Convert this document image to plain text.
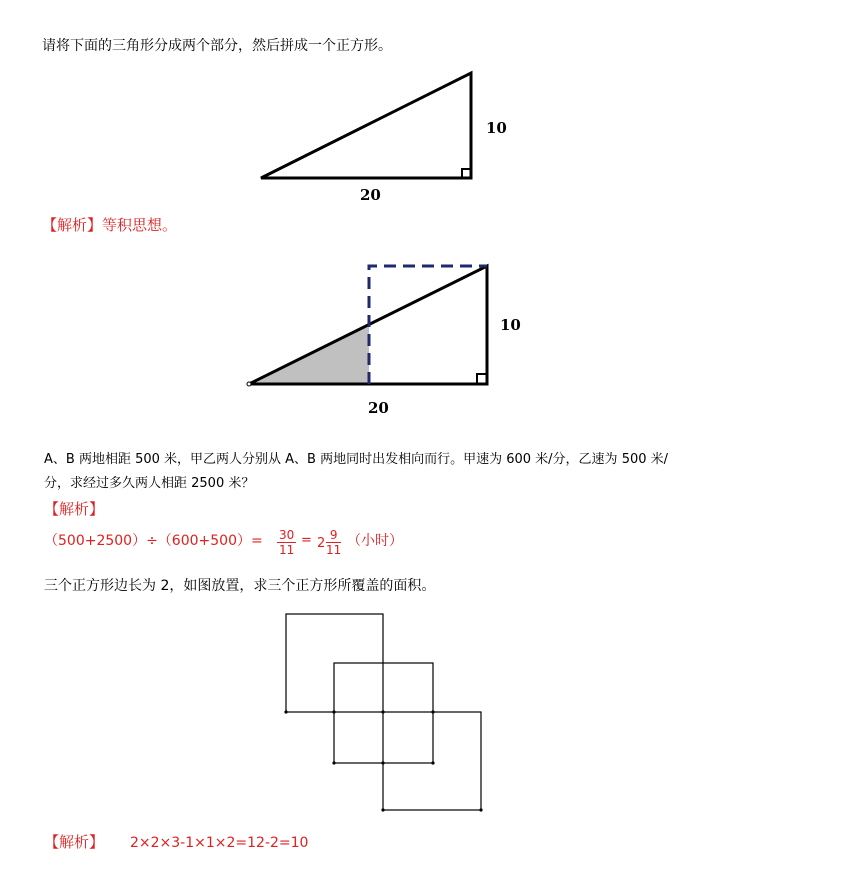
请将下面的三角形分成两个部分，然后拼成一个正方形。
10
20
10
20
【解析】等积思想。
A、B 两地相距 500 米，甲乙两人分别从 A、B 两地同时出发相向而行。甲速为 600 米/分，乙速为 500 米/
分，求经过多久两人相距 2500 米？
【解析】
$(500+2500)\div(600+500)= \frac{30}{11} = 2 \frac{9}{11}$ （小时）
三个正方形边长为 2，如图放置，求三个正方形所覆盖的面积。
【解析】 2×2×3-1×1×2=12-2=10
